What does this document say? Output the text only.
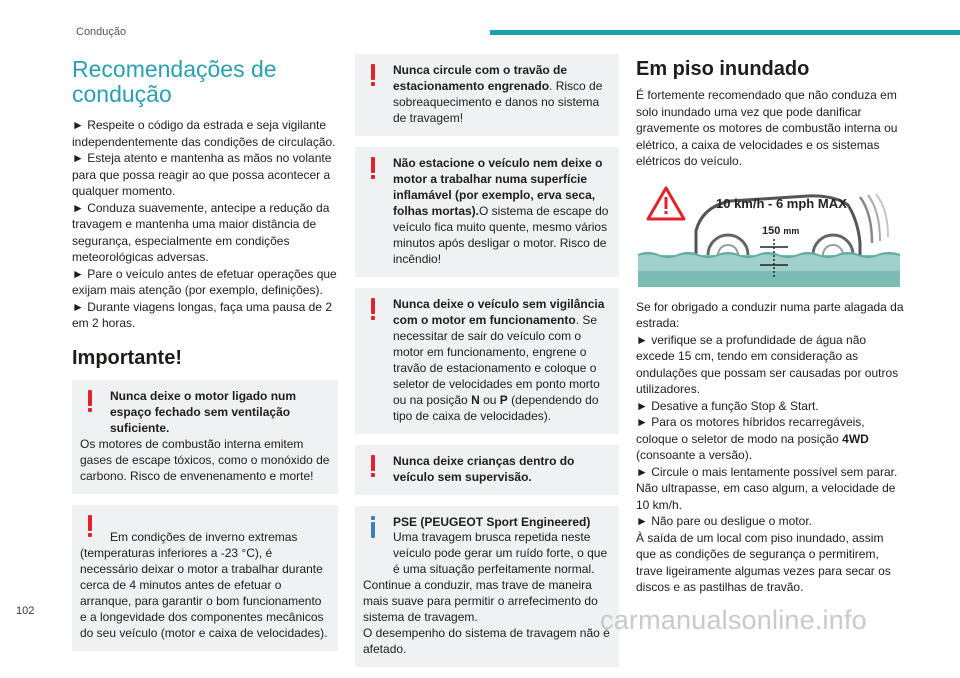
Condução
Recomendações de condução

► Respeite o código da estrada e seja vigilante independentemente das condições de circulação.

► Esteja atento e mantenha as mãos no volante para que possa reagir ao que possa acontecer a qualquer momento.

► Conduza suavemente, antecipe a redução da travagem e mantenha uma maior distância de segurança, especialmente em condições meteorológicas adversas.

► Pare o veículo antes de efetuar operações que exijam mais atenção (por exemplo, definições).

► Durante viagens longas, faça uma pausa de 2 em 2 horas.

Importante!
Nunca deixe o motor ligado num espaço fechado sem ventilação suficiente.
Os motores de combustão interna emitem gases de escape tóxicos, como o monóxido de carbono. Risco de envenenamento e morte!
Em condições de inverno extremas (temperaturas inferiores a -23 °C), é necessário deixar o motor a trabalhar durante cerca de 4 minutos antes de efetuar o arranque, para garantir o bom funcionamento e a longevidade dos componentes mecânicos do seu veículo (motor e caixa de velocidades).
Nunca circule com o travão de estacionamento engrenado. Risco de sobreaquecimento e danos no sistema de travagem!
Não estacione o veículo nem deixe o motor a trabalhar numa superfície inflamável (por exemplo, erva seca, folhas mortas).O sistema de escape do veículo fica muito quente, mesmo vários minutos após desligar o motor. Risco de incêndio!
Nunca deixe o veículo sem vigilância com o motor em funcionamento. Se necessitar de sair do veículo com o motor em funcionamento, engrene o travão de estacionamento e coloque o seletor de velocidades em ponto morto ou na posição N ou P (dependendo do tipo de caixa de velocidades).
Nunca deixe crianças dentro do veículo sem supervisão.
PSE (PEUGEOT Sport Engineered)
Uma travagem brusca repetida neste veículo pode gerar um ruído forte, o que é uma situação perfeitamente normal.
Continue a conduzir, mas trave de maneira mais suave para permitir o arrefecimento do sistema de travagem.
O desempenho do sistema de travagem não é afetado.
Em piso inundado

É fortemente recomendado que não conduza em solo inundado uma vez que pode danificar gravemente os motores de combustão interna ou elétrico, a caixa de velocidades e os sistemas elétricos do veículo.

10 km/h - 6 mph MAX
150 mm

Se for obrigado a conduzir numa parte alagada da estrada:

► verifique se a profundidade de água não excede 15 cm, tendo em consideração as ondulações que possam ser causadas por outros utilizadores.

► Desative a função Stop & Start.

► Para os motores híbridos recarregáveis, coloque o seletor de modo na posição 4WD (consoante a versão).

► Circule o mais lentamente possível sem parar. Não ultrapasse, em caso algum, a velocidade de 10 km/h.

► Não pare ou desligue o motor.

À saída de um local com piso inundado, assim que as condições de segurança o permitirem, trave ligeiramente algumas vezes para secar os discos e as pastilhas de travão.

102	carmanualsonline.info
